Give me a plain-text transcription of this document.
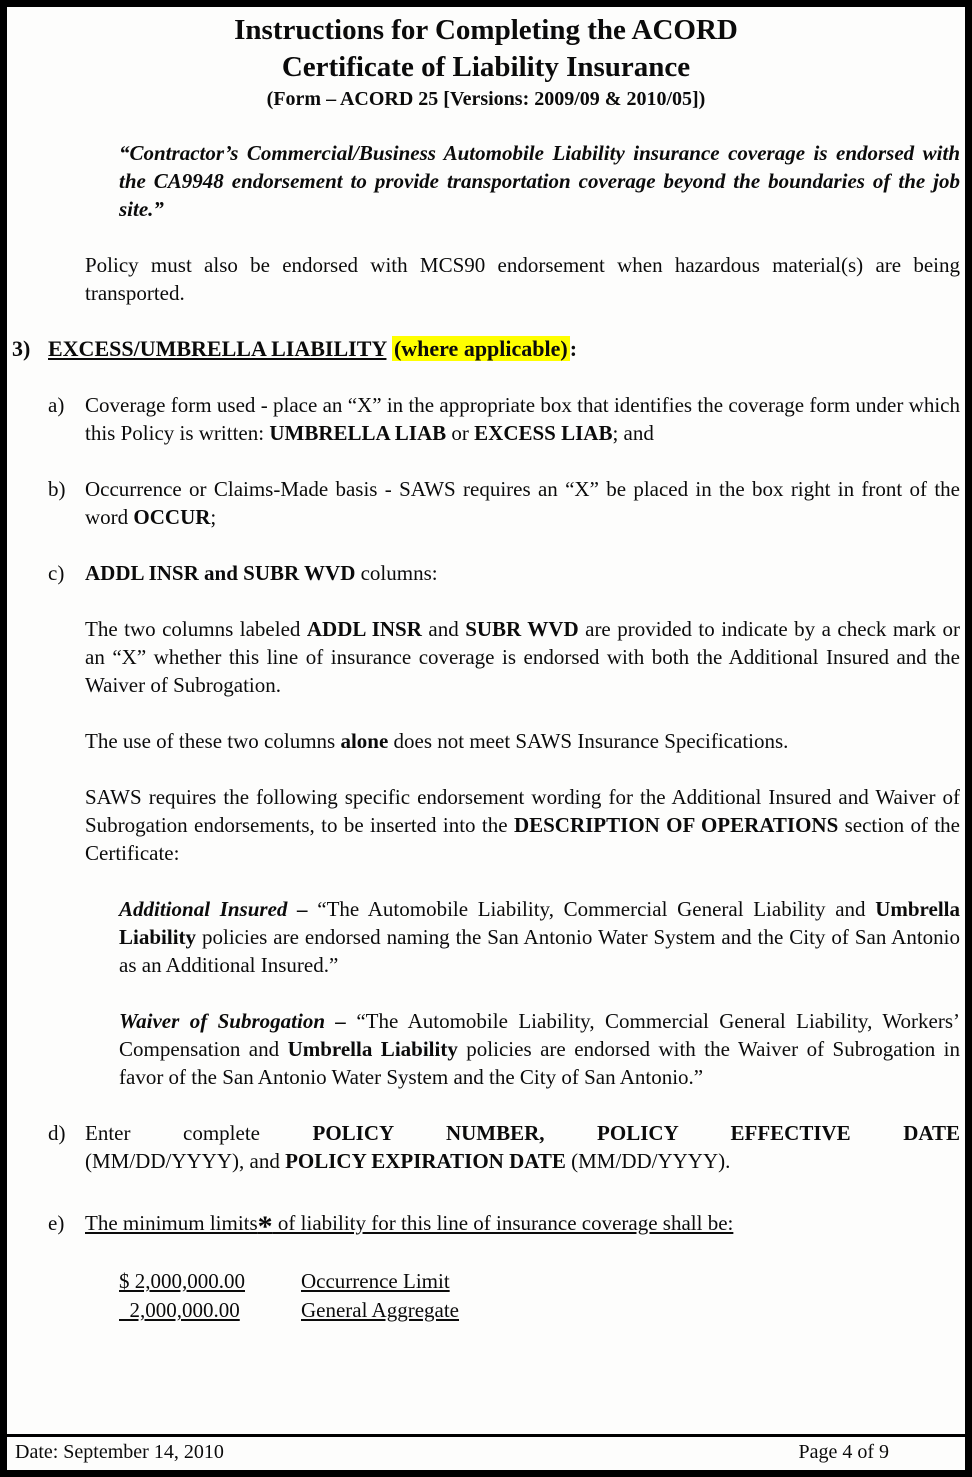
Instructions for Completing the ACORD
Certificate of Liability Insurance
(Form – ACORD 25 [Versions: 2009/09 & 2010/05])

“Contractor’s Commercial/Business Automobile Liability insurance coverage is endorsed with the CA9948 endorsement to provide transportation coverage beyond the boundaries of the job site.”

Policy must also be endorsed with MCS90 endorsement when hazardous material(s) are being transported.

3) EXCESS/UMBRELLA LIABILITY (where applicable):

a) Coverage form used - place an “X” in the appropriate box that identifies the coverage form under which this Policy is written: UMBRELLA LIAB or EXCESS LIAB; and

b) Occurrence or Claims-Made basis - SAWS requires an “X” be placed in the box right in front of the word OCCUR;

c) ADDL INSR and SUBR WVD columns:

The two columns labeled ADDL INSR and SUBR WVD are provided to indicate by a check mark or an “X” whether this line of insurance coverage is endorsed with both the Additional Insured and the Waiver of Subrogation.

The use of these two columns alone does not meet SAWS Insurance Specifications.

SAWS requires the following specific endorsement wording for the Additional Insured and Waiver of Subrogation endorsements, to be inserted into the DESCRIPTION OF OPERATIONS section of the Certificate:

Additional Insured – “The Automobile Liability, Commercial General Liability and Umbrella Liability policies are endorsed naming the San Antonio Water System and the City of San Antonio as an Additional Insured.”

Waiver of Subrogation – “The Automobile Liability, Commercial General Liability, Workers’ Compensation and Umbrella Liability policies are endorsed with the Waiver of Subrogation in favor of the San Antonio Water System and the City of San Antonio.”

d) Enter complete POLICY NUMBER, POLICY EFFECTIVE DATE

(MM/DD/YYYY), and POLICY EXPIRATION DATE (MM/DD/YYYY).

e) The minimum limits* of liability for this line of insurance coverage shall be:

$ 2,000,000.00	Occurrence Limit
2,000,000.00	General Aggregate
Date: September 14, 2010	Page 4 of 9
